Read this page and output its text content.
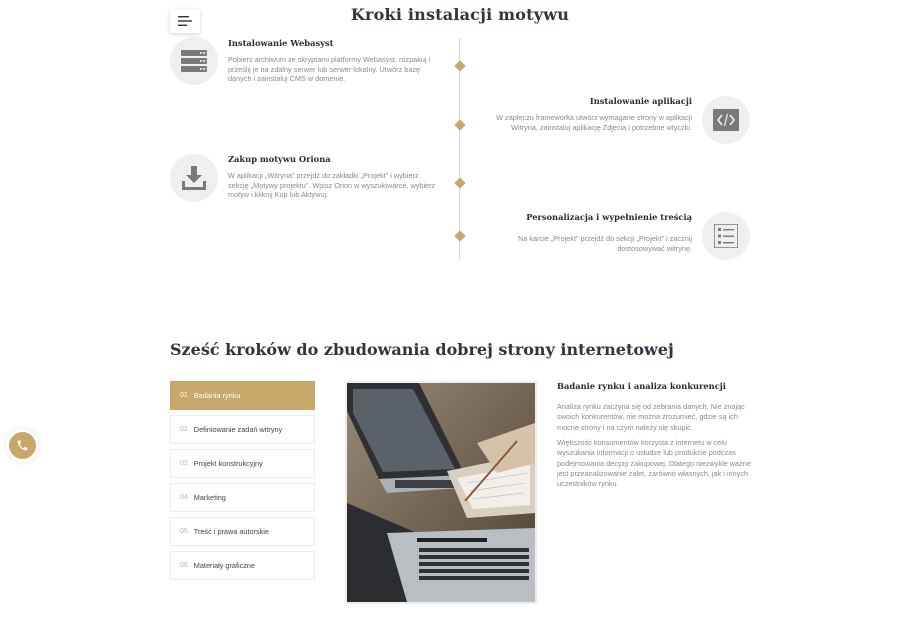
Kroki instalacji motywu
Instalowanie Webasyst
Pobierz archiwum ze skryptami platformy Webasyst, rozpakuj i prześlij je na zdalny serwer lub serwer lokalny. Utwórz bazę danych i zainstaluj CMS w domenie.
Instalowanie aplikacji
W zapleczu frameworka utwórz wymagane strony w aplikacji Witryna, zainstaluj aplikację Zdjęcia i potrzebne wtyczki.
Zakup motywu Oriona
W aplikacji „Witryna” przejdź do zakładki „Projekt” i wybierz sekcję „Motywy projektu”. Wpisz Orion w wyszukiwarce, wybierz motyw i kliknij Kup lub Aktywuj.
Personalizacja i wypełnienie treścią
Na karcie „Projekt” przejdź do sekcji „Projekt” i zacznij dostosowywać witrynę.
Sześć kroków do zbudowania dobrej strony internetowej
01 Badania rynku
02 Definiowanie zadań witryny
03 Projekt konstrukcyjny
04 Marketing
05 Treść i prawa autorskie
06 Materiały graficzne
Badanie rynku i analiza konkurencji
Analiza rynku zaczyna się od zebrania danych. Nie znając swoich konkurentów, nie można zrozumieć, gdzie są ich mocne strony i na czym należy się skupić.
Większość konsumentów korzysta z internetu w celu wyszukania informacji o usłudze lub produkcie podczas podejmowania decyzji zakupowej. Dlatego niezwykle ważne jest przeanalizowanie zalet, zarówno własnych, jak i innych uczestników rynku.
